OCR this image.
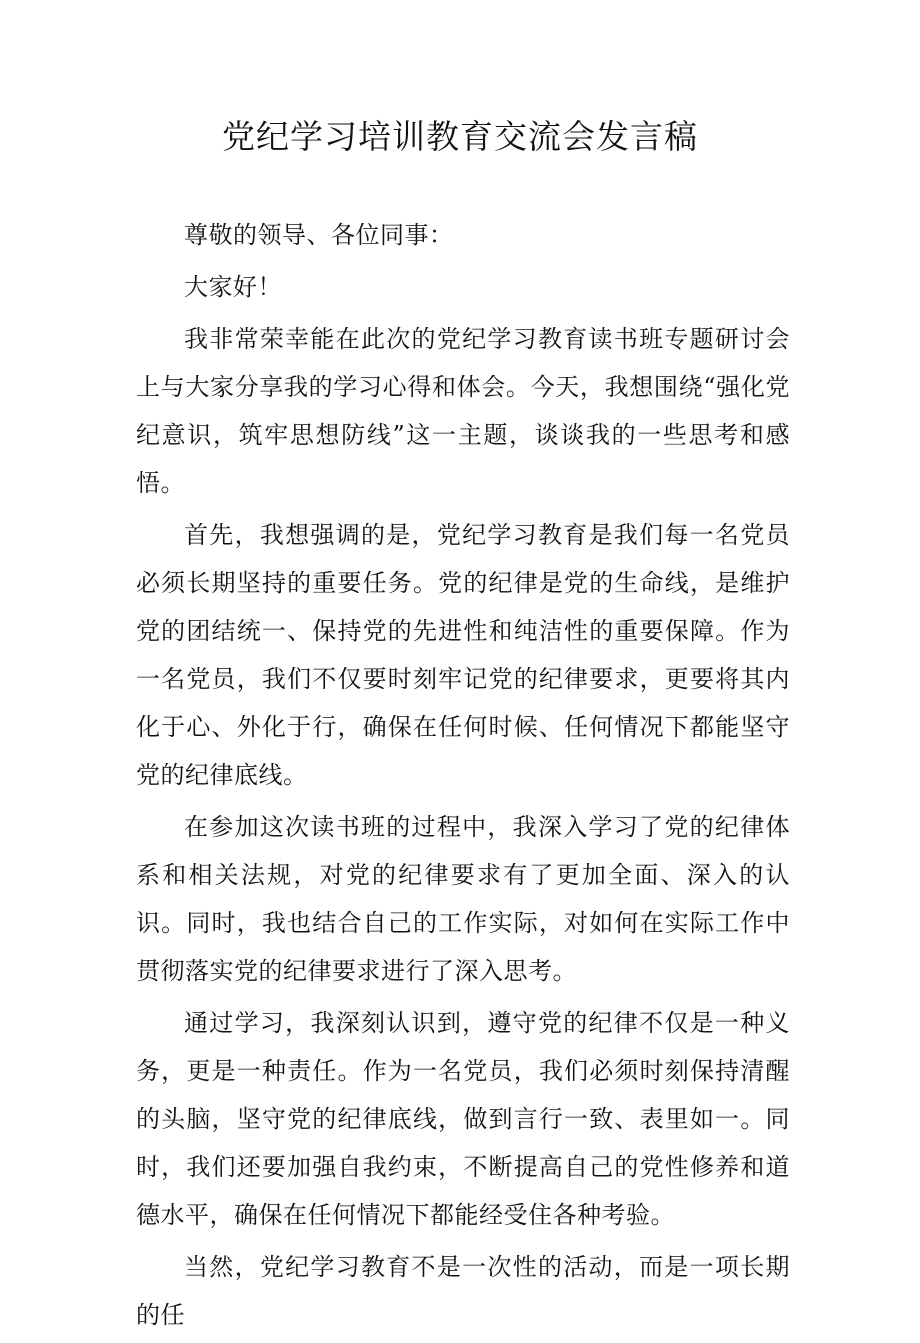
党纪学习培训教育交流会发言稿

尊敬的领导、各位同事：

大家好！

我非常荣幸能在此次的党纪学习教育读书班专题研讨会上与大家分享我的学习心得和体会。今天，我想围绕“强化党纪意识，筑牢思想防线”这一主题，谈谈我的一些思考和感悟。

首先，我想强调的是，党纪学习教育是我们每一名党员必须长期坚持的重要任务。党的纪律是党的生命线，是维护党的团结统一、保持党的先进性和纯洁性的重要保障。作为一名党员，我们不仅要时刻牢记党的纪律要求，更要将其内化于心、外化于行，确保在任何时候、任何情况下都能坚守党的纪律底线。

在参加这次读书班的过程中，我深入学习了党的纪律体系和相关法规，对党的纪律要求有了更加全面、深入的认识。同时，我也结合自己的工作实际，对如何在实际工作中贯彻落实党的纪律要求进行了深入思考。

通过学习，我深刻认识到，遵守党的纪律不仅是一种义务，更是一种责任。作为一名党员，我们必须时刻保持清醒的头脑，坚守党的纪律底线，做到言行一致、表里如一。同时，我们还要加强自我约束，不断提高自己的党性修养和道德水平，确保在任何情况下都能经受住各种考验。

当然，党纪学习教育不是一次性的活动，而是一项长期的任
